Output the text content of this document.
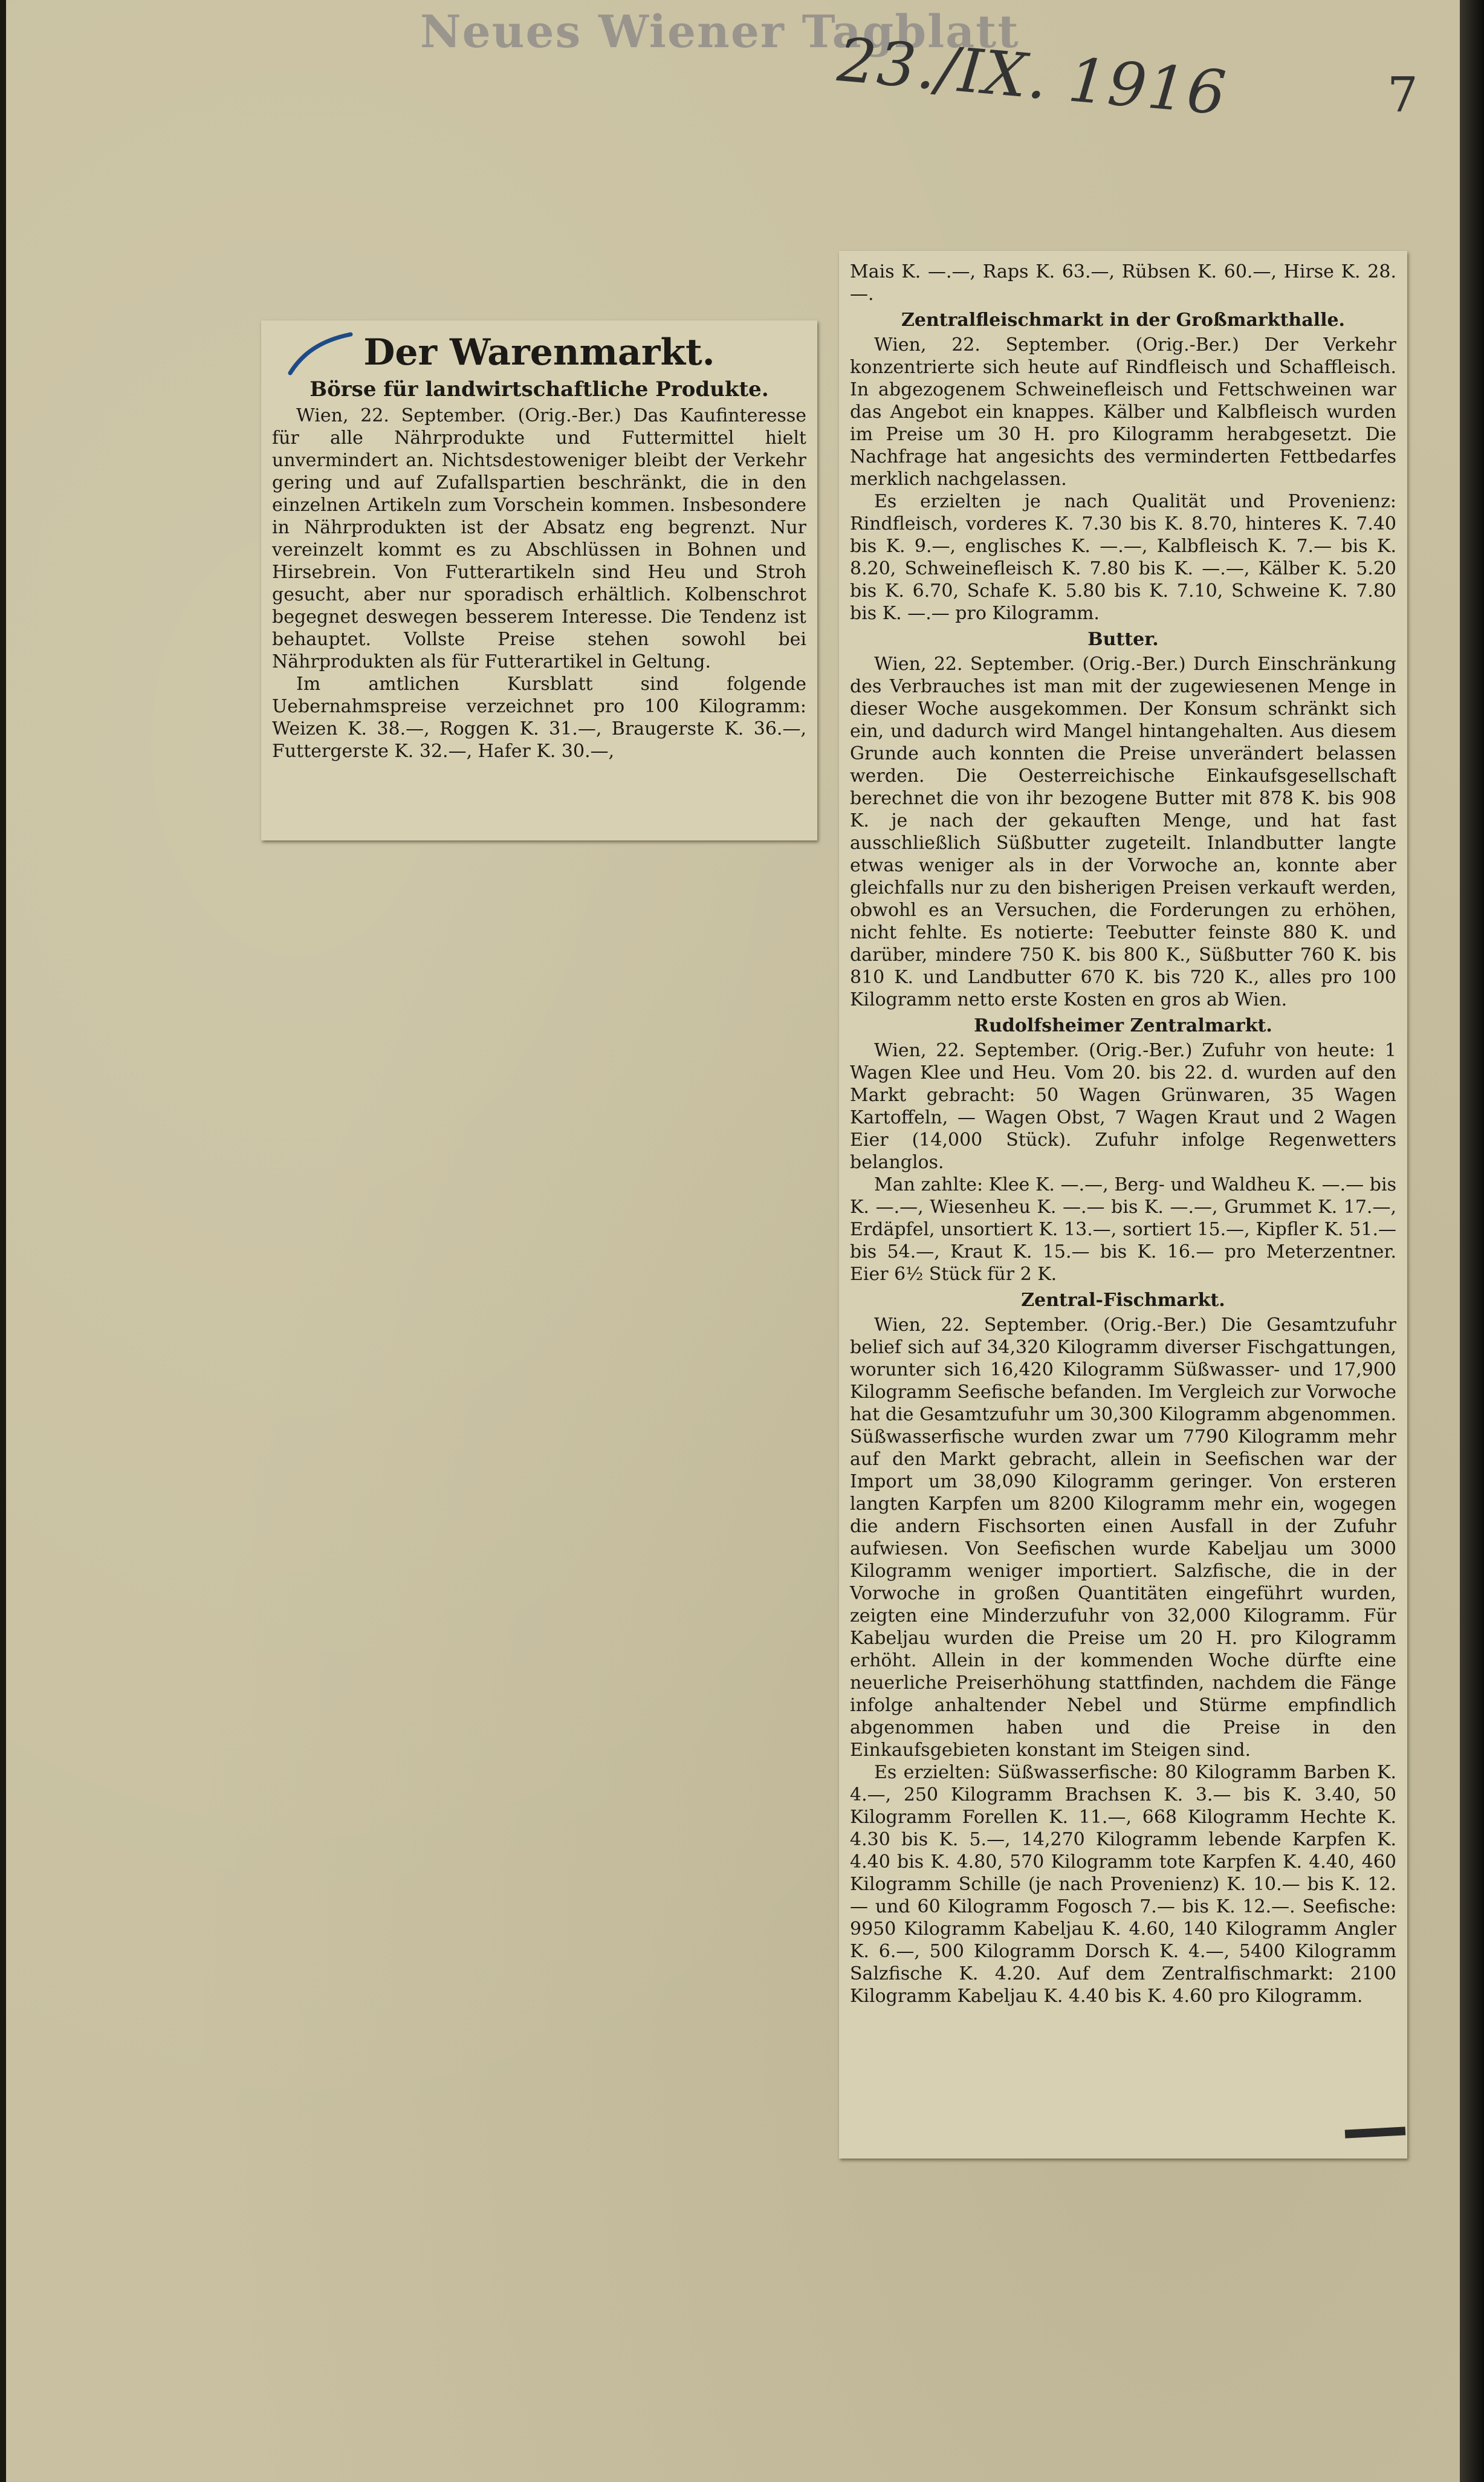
Neues Wiener Tagblatt
23./IX. 1916	7
Der Warenmarkt.
Börse für landwirtschaftliche Produkte.

Wien, 22. September. (Orig.-Ber.) Das Kaufinteresse für alle Nährprodukte und Futtermittel hielt unvermindert an. Nichtsdestoweniger bleibt der Verkehr gering und auf Zufallspartien beschränkt, die in den einzelnen Artikeln zum Vorschein kommen. Insbesondere in Nährprodukten ist der Absatz eng begrenzt. Nur vereinzelt kommt es zu Abschlüssen in Bohnen und Hirsebrein. Von Futterartikeln sind Heu und Stroh gesucht, aber nur sporadisch erhältlich. Kolbenschrot begegnet deswegen besserem Interesse. Die Tendenz ist behauptet. Vollste Preise stehen sowohl bei Nährprodukten als für Futterartikel in Geltung.

Im amtlichen Kursblatt sind folgende Uebernahmspreise verzeichnet pro 100 Kilogramm: Weizen K. 38.—, Roggen K. 31.—, Braugerste K. 36.—, Futtergerste K. 32.—, Hafer K. 30.—,

Mais K. —.—, Raps K. 63.—, Rübsen K. 60.—, Hirse K. 28.—.

Zentralfleischmarkt in der Großmarkthalle.

Wien, 22. September. (Orig.-Ber.) Der Verkehr konzentrierte sich heute auf Rindfleisch und Schaffleisch. In abgezogenem Schweinefleisch und Fettschweinen war das Angebot ein knappes. Kälber und Kalbfleisch wurden im Preise um 30 H. pro Kilogramm herabgesetzt. Die Nachfrage hat angesichts des verminderten Fettbedarfes merklich nachgelassen.

Es erzielten je nach Qualität und Provenienz: Rindfleisch, vorderes K. 7.30 bis K. 8.70, hinteres K. 7.40 bis K. 9.—, englisches K. —.—, Kalbfleisch K. 7.— bis K. 8.20, Schweinefleisch K. 7.80 bis K. —.—, Kälber K. 5.20 bis K. 6.70, Schafe K. 5.80 bis K. 7.10, Schweine K. 7.80 bis K. —.— pro Kilogramm.

Butter.

Wien, 22. September. (Orig.-Ber.) Durch Einschränkung des Verbrauches ist man mit der zugewiesenen Menge in dieser Woche ausgekommen. Der Konsum schränkt sich ein, und dadurch wird Mangel hintangehalten. Aus diesem Grunde auch konnten die Preise unverändert belassen werden. Die Oesterreichische Einkaufsgesellschaft berechnet die von ihr bezogene Butter mit 878 K. bis 908 K. je nach der gekauften Menge, und hat fast ausschließlich Süßbutter zugeteilt. Inlandbutter langte etwas weniger als in der Vorwoche an, konnte aber gleichfalls nur zu den bisherigen Preisen verkauft werden, obwohl es an Versuchen, die Forderungen zu erhöhen, nicht fehlte. Es notierte: Teebutter feinste 880 K. und darüber, mindere 750 K. bis 800 K., Süßbutter 760 K. bis 810 K. und Landbutter 670 K. bis 720 K., alles pro 100 Kilogramm netto erste Kosten en gros ab Wien.

Rudolfsheimer Zentralmarkt.

Wien, 22. September. (Orig.-Ber.) Zufuhr von heute: 1 Wagen Klee und Heu. Vom 20. bis 22. d. wurden auf den Markt gebracht: 50 Wagen Grünwaren, 35 Wagen Kartoffeln, — Wagen Obst, 7 Wagen Kraut und 2 Wagen Eier (14,000 Stück). Zufuhr infolge Regenwetters belanglos.

Man zahlte: Klee K. —.—, Berg- und Waldheu K. —.— bis K. —.—, Wiesenheu K. —.— bis K. —.—, Grummet K. 17.—, Erdäpfel, unsortiert K. 13.—, sortiert 15.—, Kipfler K. 51.— bis 54.—, Kraut K. 15.— bis K. 16.— pro Meterzentner. Eier 6½ Stück für 2 K.

Zentral-Fischmarkt.

Wien, 22. September. (Orig.-Ber.) Die Gesamtzufuhr belief sich auf 34,320 Kilogramm diverser Fischgattungen, worunter sich 16,420 Kilogramm Süßwasser- und 17,900 Kilogramm Seefische befanden. Im Vergleich zur Vorwoche hat die Gesamtzufuhr um 30,300 Kilogramm abgenommen. Süßwasserfische wurden zwar um 7790 Kilogramm mehr auf den Markt gebracht, allein in Seefischen war der Import um 38,090 Kilogramm geringer. Von ersteren langten Karpfen um 8200 Kilogramm mehr ein, wogegen die andern Fischsorten einen Ausfall in der Zufuhr aufwiesen. Von Seefischen wurde Kabeljau um 3000 Kilogramm weniger importiert. Salzfische, die in der Vorwoche in großen Quantitäten eingeführt wurden, zeigten eine Minderzufuhr von 32,000 Kilogramm. Für Kabeljau wurden die Preise um 20 H. pro Kilogramm erhöht. Allein in der kommenden Woche dürfte eine neuerliche Preiserhöhung stattfinden, nachdem die Fänge infolge anhaltender Nebel und Stürme empfindlich abgenommen haben und die Preise in den Einkaufsgebieten konstant im Steigen sind.

Es erzielten: Süßwasserfische: 80 Kilogramm Barben K. 4.—, 250 Kilogramm Brachsen K. 3.— bis K. 3.40, 50 Kilogramm Forellen K. 11.—, 668 Kilogramm Hechte K. 4.30 bis K. 5.—, 14,270 Kilogramm lebende Karpfen K. 4.40 bis K. 4.80, 570 Kilogramm tote Karpfen K. 4.40, 460 Kilogramm Schille (je nach Provenienz) K. 10.— bis K. 12.— und 60 Kilogramm Fogosch 7.— bis K. 12.—. Seefische: 9950 Kilogramm Kabeljau K. 4.60, 140 Kilogramm Angler K. 6.—, 500 Kilogramm Dorsch K. 4.—, 5400 Kilogramm Salzfische K. 4.20. Auf dem Zentralfischmarkt: 2100 Kilogramm Kabeljau K. 4.40 bis K. 4.60 pro Kilogramm.
